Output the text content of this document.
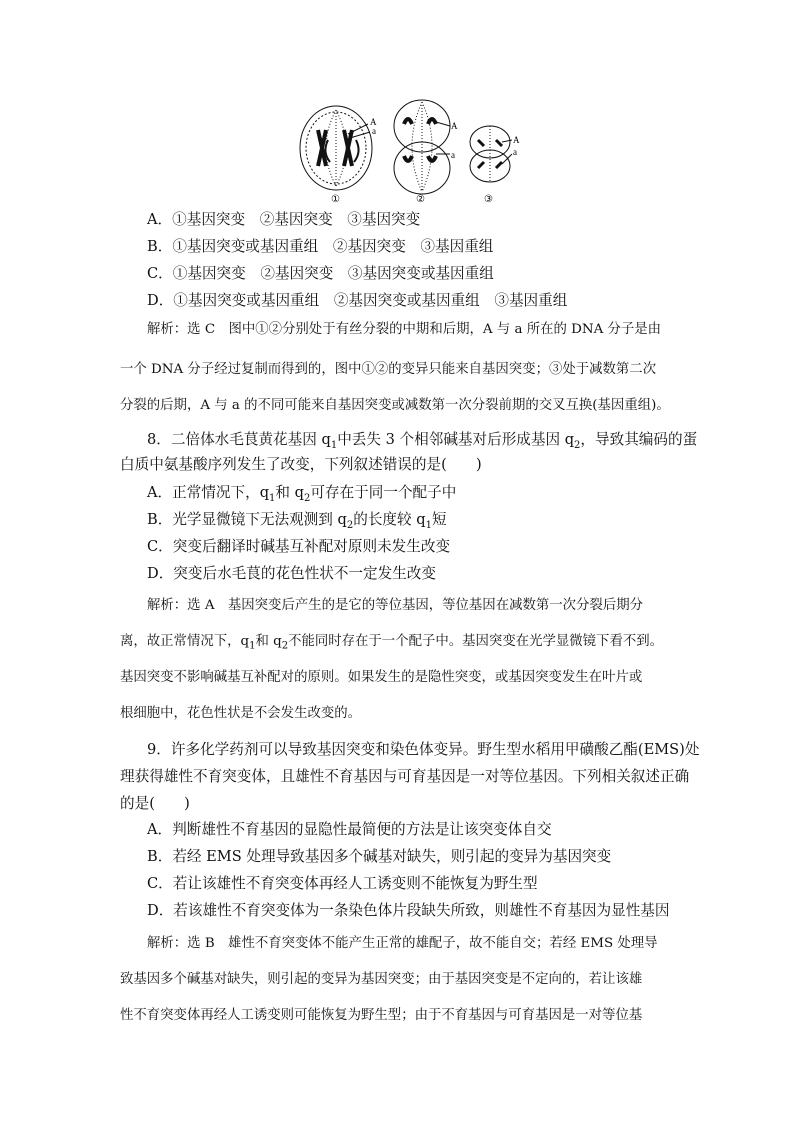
A
a
①
A
a
②
A
a
③
A．①基因突变　②基因突变　③基因突变
B．①基因突变或基因重组　②基因突变　③基因重组
C．①基因突变　②基因突变　③基因突变或基因重组
D．①基因突变或基因重组　②基因突变或基因重组　③基因重组
解析：选 C　图中①②分别处于有丝分裂的中期和后期，A 与 a 所在的 DNA 分子是由
一个 DNA 分子经过复制而得到的，图中①②的变异只能来自基因突变；③处于减数第二次
分裂的后期，A 与 a 的不同可能来自基因突变或减数第一次分裂前期的交叉互换(基因重组)。
8．二倍体水毛茛黄花基因 $q_1$中丢失 3 个相邻碱基对后形成基因 $q_2$，导致其编码的蛋
白质中氨基酸序列发生了改变，下列叙述错误的是(　　)
A．正常情况下，$q_1$和 $q_2$可存在于同一个配子中
B．光学显微镜下无法观测到 $q_2$的长度较 $q_1$短
C．突变后翻译时碱基互补配对原则未发生改变
D．突变后水毛茛的花色性状不一定发生改变
解析：选 A　基因突变后产生的是它的等位基因，等位基因在减数第一次分裂后期分
离，故正常情况下，$q_1$和 $q_2$不能同时存在于一个配子中。基因突变在光学显微镜下看不到。
基因突变不影响碱基互补配对的原则。如果发生的是隐性突变，或基因突变发生在叶片或
根细胞中，花色性状是不会发生改变的。
9．许多化学药剂可以导致基因突变和染色体变异。野生型水稻用甲磺酸乙酯(EMS)处
理获得雄性不育突变体，且雄性不育基因与可育基因是一对等位基因。下列相关叙述正确
的是(　　)
A．判断雄性不育基因的显隐性最简便的方法是让该突变体自交
B．若经 EMS 处理导致基因多个碱基对缺失，则引起的变异为基因突变
C．若让该雄性不育突变体再经人工诱变则不能恢复为野生型
D．若该雄性不育突变体为一条染色体片段缺失所致，则雄性不育基因为显性基因
解析：选 B　雄性不育突变体不能产生正常的雄配子，故不能自交；若经 EMS 处理导
致基因多个碱基对缺失，则引起的变异为基因突变；由于基因突变是不定向的，若让该雄
性不育突变体再经人工诱变则可能恢复为野生型；由于不育基因与可育基因是一对等位基
